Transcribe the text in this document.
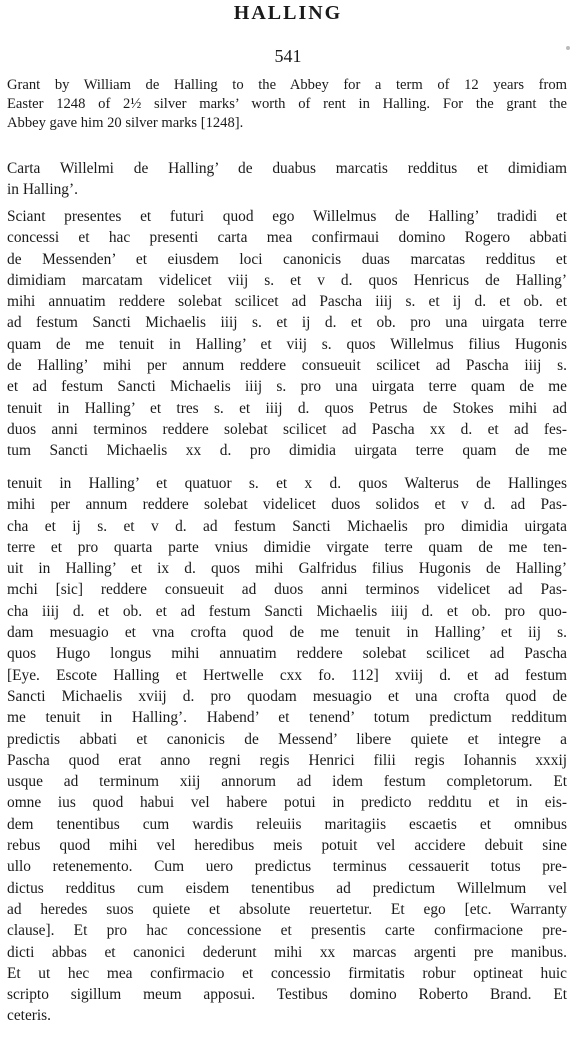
HALLING
541
Grant by William de Halling to the Abbey for a term of 12 years from
Easter 1248 of 2½ silver marks’ worth of rent in Halling. For the grant the
Abbey gave him 20 silver marks [1248].
Carta Willelmi de Halling’ de duabus marcatis redditus et dimidiam
in Halling’.
Sciant presentes et futuri quod ego Willelmus de Halling’ tradidi et
concessi et hac presenti carta mea confirmaui domino Rogero abbati
de Messenden’ et eiusdem loci canonicis duas marcatas redditus et
dimidiam marcatam videlicet viij s. et v d. quos Henricus de Halling’
mihi annuatim reddere solebat scilicet ad Pascha iiij s. et ij d. et ob. et
ad festum Sancti Michaelis iiij s. et ij d. et ob. pro una uirgata terre
quam de me tenuit in Halling’ et viij s. quos Willelmus filius Hugonis
de Halling’ mihi per annum reddere consueuit scilicet ad Pascha iiij s.
et ad festum Sancti Michaelis iiij s. pro una uirgata terre quam de me
tenuit in Halling’ et tres s. et iiij d. quos Petrus de Stokes mihi ad
duos anni terminos reddere solebat scilicet ad Pascha xx d. et ad fes-
tum Sancti Michaelis xx d. pro dimidia uirgata terre quam de me
tenuit in Halling’ et quatuor s. et x d. quos Walterus de Hallinges
mihi per annum reddere solebat videlicet duos solidos et v d. ad Pas-
cha et ij s. et v d. ad festum Sancti Michaelis pro dimidia uirgata
terre et pro quarta parte vnius dimidie virgate terre quam de me ten-
uit in Halling’ et ix d. quos mihi Galfridus filius Hugonis de Halling’
mchi [sic] reddere consueuit ad duos anni terminos videlicet ad Pas-
cha iiij d. et ob. et ad festum Sancti Michaelis iiij d. et ob. pro quo-
dam mesuagio et vna crofta quod de me tenuit in Halling’ et iij s.
quos Hugo longus mihi annuatim reddere solebat scilicet ad Pascha
[Eye. Escote Halling et Hertwelle cxx fo. 112] xviij d. et ad festum
Sancti Michaelis xviij d. pro quodam mesuagio et una crofta quod de
me tenuit in Halling’. Habend’ et tenend’ totum predictum redditum
predictis abbati et canonicis de Messend’ libere quiete et integre a
Pascha quod erat anno regni regis Henrici filii regis Iohannis xxxij
usque ad terminum xiij annorum ad idem festum completorum. Et
omne ius quod habui vel habere potui in predicto reddıtu et in eis-
dem tenentibus cum wardis releuiis maritagiis escaetis et omnibus
rebus quod mihi vel heredibus meis potuit vel accidere debuit sine
ullo retenemento. Cum uero predictus terminus cessauerit totus pre-
dictus redditus cum eisdem tenentibus ad predictum Willelmum vel
ad heredes suos quiete et absolute reuertetur. Et ego [etc. Warranty
clause]. Et pro hac concessione et presentis carte confirmacione pre-
dicti abbas et canonici dederunt mihi xx marcas argenti pre manibus.
Et ut hec mea confirmacio et concessio firmitatis robur optineat huic
scripto sigillum meum apposui. Testibus domino Roberto Brand. Et
ceteris.
